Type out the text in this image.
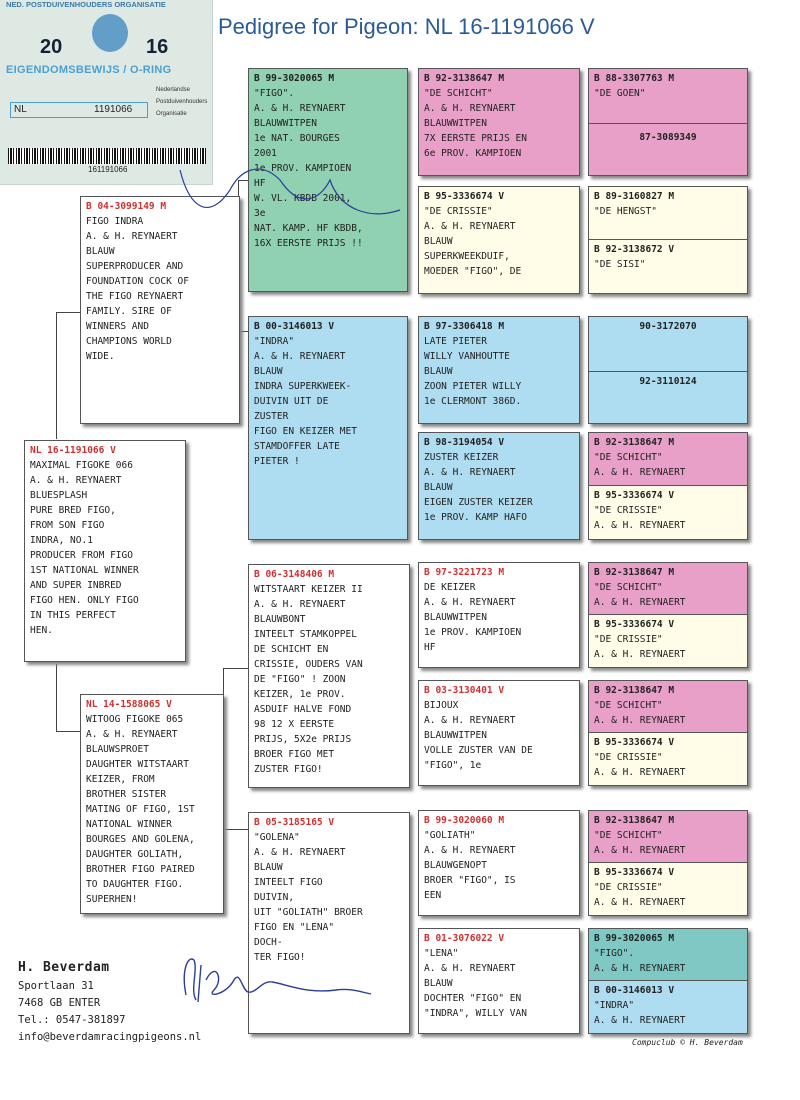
Pedigree for Pigeon: NL 16-1191066 V
NED. POSTDUIVENHOUDERS ORGANISATIE
20	16
EIGENDOMSBEWIJS / O-RING
NL	1191066
Nederlandse Postduivenhouders Organisatie
161191066
B 04-3099149 M
FIGO INDRA
A. & H. REYNAERT
BLAUW
SUPERPRODUCER AND
FOUNDATION COCK OF
THE FIGO REYNAERT
FAMILY. SIRE OF
WINNERS AND
CHAMPIONS WORLD
WIDE.
NL 16-1191066 V
MAXIMAL FIGOKE 066
A. & H. REYNAERT
BLUESPLASH
PURE BRED FIGO,
FROM SON FIGO
INDRA, NO.1
PRODUCER FROM FIGO
1ST NATIONAL WINNER
AND SUPER INBRED
FIGO HEN. ONLY FIGO
IN THIS PERFECT
HEN.
NL 14-1588065 V
WITOOG FIGOKE 065
A. & H. REYNAERT
BLAUWSPROET
DAUGHTER WITSTAART
KEIZER, FROM
BROTHER SISTER
MATING OF FIGO, 1ST
NATIONAL WINNER
BOURGES AND GOLENA,
DAUGHTER GOLIATH,
BROTHER FIGO PAIRED
TO DAUGHTER FIGO.
SUPERHEN!
B 99-3020065 M
"FIGO".
A. & H. REYNAERT
BLAUWWITPEN
1e NAT. BOURGES
2001
1e PROV. KAMPIOEN
HF
W. VL. KBDB 2001,
3e
NAT. KAMP. HF KBDB,
16X EERSTE PRIJS !!
B 00-3146013 V
"INDRA"
A. & H. REYNAERT
BLAUW
INDRA SUPERKWEEK-
DUIVIN UIT DE
ZUSTER
FIGO EN KEIZER MET
STAMDOFFER LATE
PIETER !
B 06-3148406 M
WITSTAART KEIZER II
A. & H. REYNAERT
BLAUWBONT
INTEELT STAMKOPPEL
DE SCHICHT EN
CRISSIE, OUDERS VAN
DE "FIGO" ! ZOON
KEIZER, 1e PROV.
ASDUIF HALVE FOND
98 12 X EERSTE
PRIJS, 5X2e PRIJS
BROER FIGO MET
ZUSTER FIGO!
B 05-3185165 V
"GOLENA"
A. & H. REYNAERT
BLAUW
INTEELT FIGO
DUIVIN,
UIT "GOLIATH" BROER
FIGO EN "LENA"
DOCH-
TER FIGO!
B 92-3138647 M
"DE SCHICHT"
A. & H. REYNAERT
BLAUWWITPEN
7X EERSTE PRIJS EN
6e PROV. KAMPIOEN
B 95-3336674 V
"DE CRISSIE"
A. & H. REYNAERT
BLAUW
SUPERKWEEKDUIF,
MOEDER "FIGO", DE
B 97-3306418 M
LATE PIETER
WILLY VANHOUTTE
BLAUW
ZOON PIETER WILLY
1e CLERMONT 386D.
B 98-3194054 V
ZUSTER KEIZER
A. & H. REYNAERT
BLAUW
EIGEN ZUSTER KEIZER
1e PROV. KAMP HAFO
B 97-3221723 M
DE KEIZER
A. & H. REYNAERT
BLAUWWITPEN
1e PROV. KAMPIOEN
HF
B 03-3130401 V
BIJOUX
A. & H. REYNAERT
BLAUWWITPEN
VOLLE ZUSTER VAN DE
"FIGO", 1e
B 99-3020060 M
"GOLIATH"
A. & H. REYNAERT
BLAUWGENOPT
BROER "FIGO", IS
EEN
B 01-3076022 V
"LENA"
A. & H. REYNAERT
BLAUW
DOCHTER "FIGO" EN
"INDRA", WILLY VAN
B 88-3307763 M
"DE GOEN"
87-3089349
B 89-3160827 M
"DE HENGST"
B 92-3138672 V
"DE SISI"
90-3172070
92-3110124
B 92-3138647 M
"DE SCHICHT"
A. & H. REYNAERT
B 95-3336674 V
"DE CRISSIE"
A. & H. REYNAERT
B 92-3138647 M
"DE SCHICHT"
A. & H. REYNAERT
B 95-3336674 V
"DE CRISSIE"
A. & H. REYNAERT
B 92-3138647 M
"DE SCHICHT"
A. & H. REYNAERT
B 95-3336674 V
"DE CRISSIE"
A. & H. REYNAERT
B 92-3138647 M
"DE SCHICHT"
A. & H. REYNAERT
B 95-3336674 V
"DE CRISSIE"
A. & H. REYNAERT
B 99-3020065 M
"FIGO".
A. & H. REYNAERT
B 00-3146013 V
"INDRA"
A. & H. REYNAERT
H. Beverdam
Sportlaan 31
7468 GB ENTER
Tel.: 0547-381897
info@beverdamracingpigeons.nl	Compuclub © H. Beverdam
